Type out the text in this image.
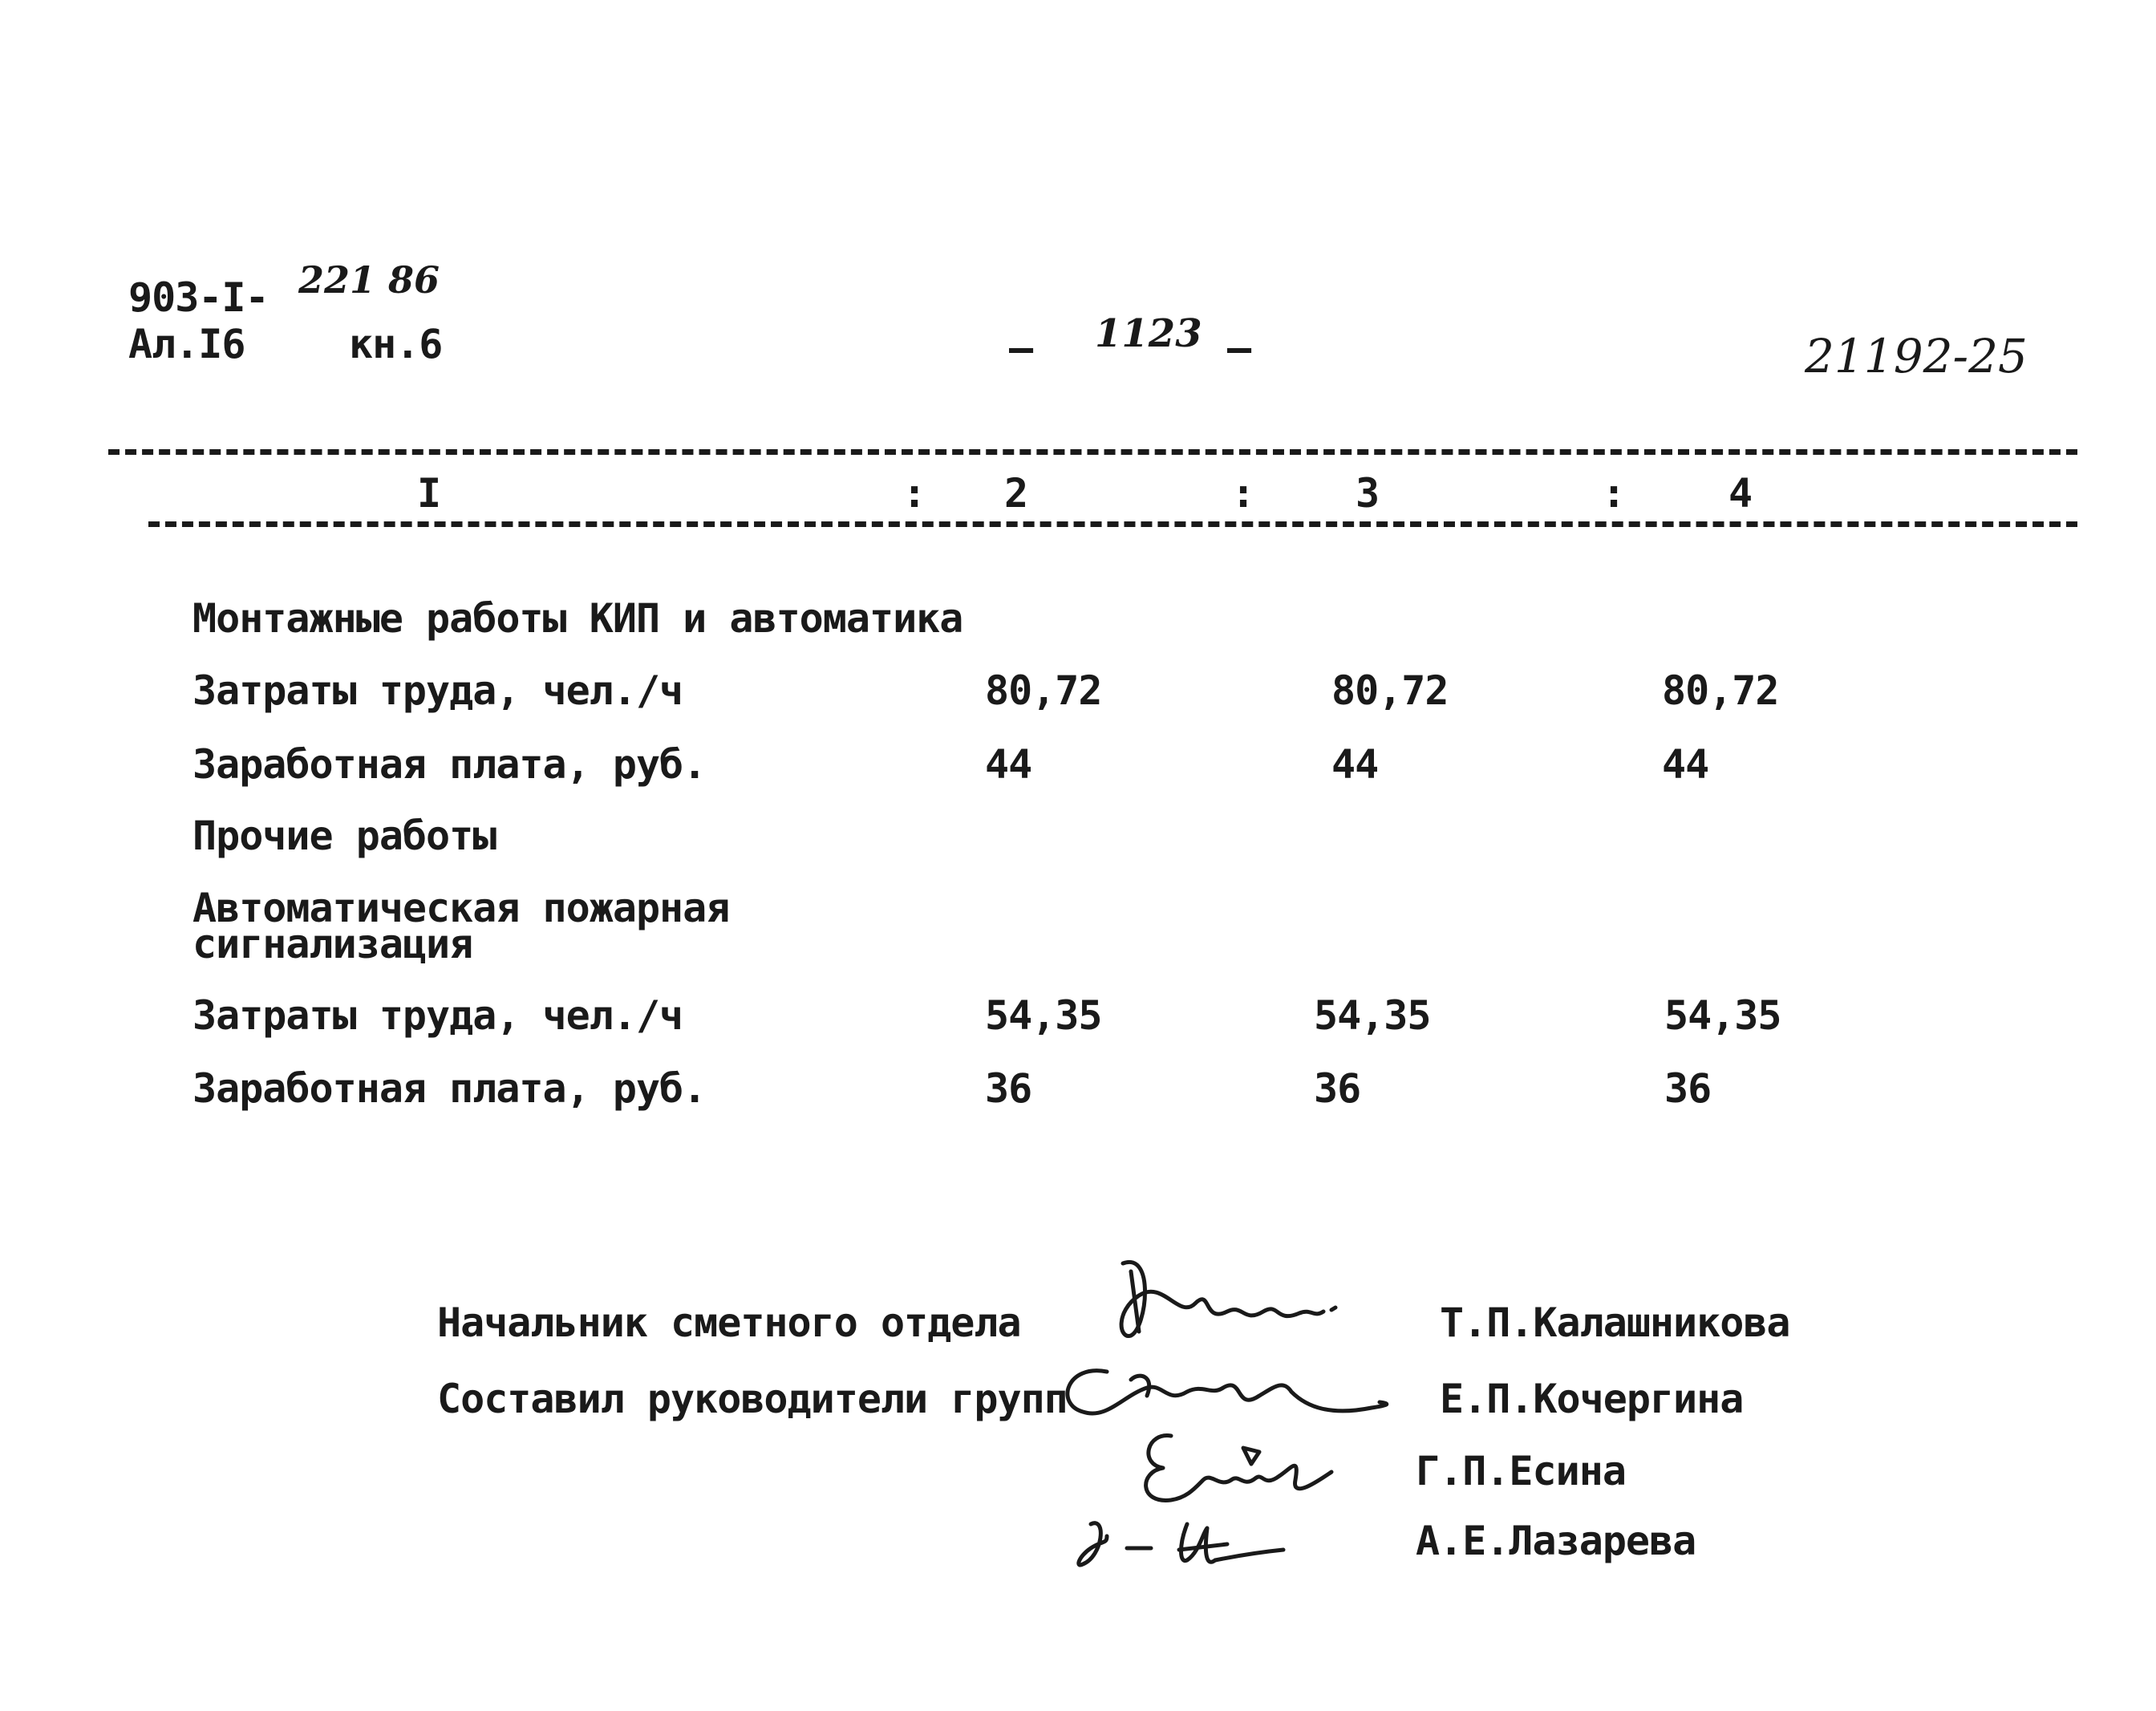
903-I- 221 86
Ал.I6	кн.6	– 1123 –	21192-25
I	: 2	:	3	:	4
Монтажные работы КИП и автоматика
Затраты труда, чел./ч	80,72	80,72	80,72
Заработная плата, руб.	44	44	44
Прочие работы
Автоматическая пожарная
сигнализация
Затраты труда, чел./ч	54,35	54,35	54,35
Заработная плата, руб.	36	36	36
Начальник сметного отдела	Т.П.Калашникова
Составил руководители групп	Е.П.Кочергина
Г.П.Есина
А.Е.Лазарева
